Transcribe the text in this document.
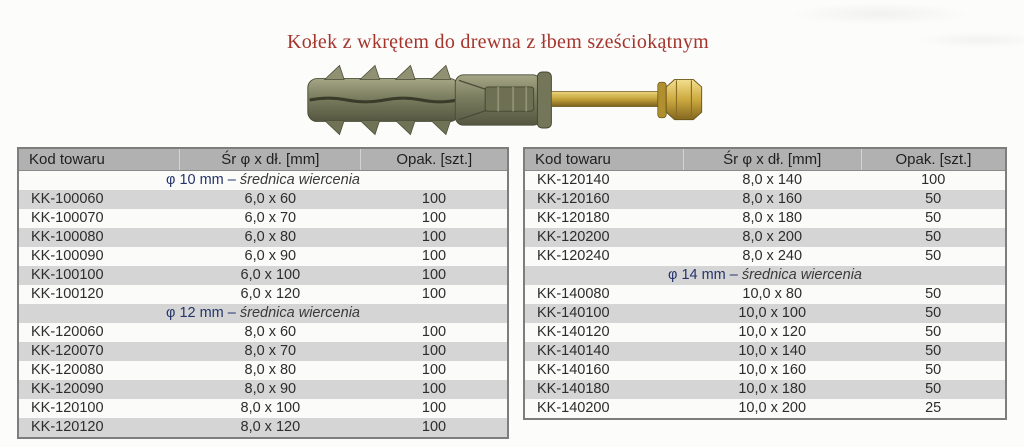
Kołek z wkrętem do drewna z łbem sześciokątnym
Kod towaru	Śr φ x dł. [mm]	Opak. [szt.]
φ 10 mm – średnica wiercenia		
KK-100060	6,0 x 60	100
KK-100070	6,0 x 70	100
KK-100080	6,0 x 80	100
KK-100090	6,0 x 90	100
KK-100100	6,0 x 100	100
KK-100120	6,0 x 120	100
φ 12 mm – średnica wiercenia		
KK-120060	8,0 x 60	100
KK-120070	8,0 x 70	100
KK-120080	8,0 x 80	100
KK-120090	8,0 x 90	100
KK-120100	8,0 x 100	100
KK-120120	8,0 x 120	100
Kod towaru	Śr φ x dł. [mm]	Opak. [szt.]
KK-120140	8,0 x 140	100
KK-120160	8,0 x 160	50
KK-120180	8,0 x 180	50
KK-120200	8,0 x 200	50
KK-120240	8,0 x 240	50
φ 14 mm – średnica wiercenia		
KK-140080	10,0 x 80	50
KK-140100	10,0 x 100	50
KK-140120	10,0 x 120	50
KK-140140	10,0 x 140	50
KK-140160	10,0 x 160	50
KK-140180	10,0 x 180	50
KK-140200	10,0 x 200	25
